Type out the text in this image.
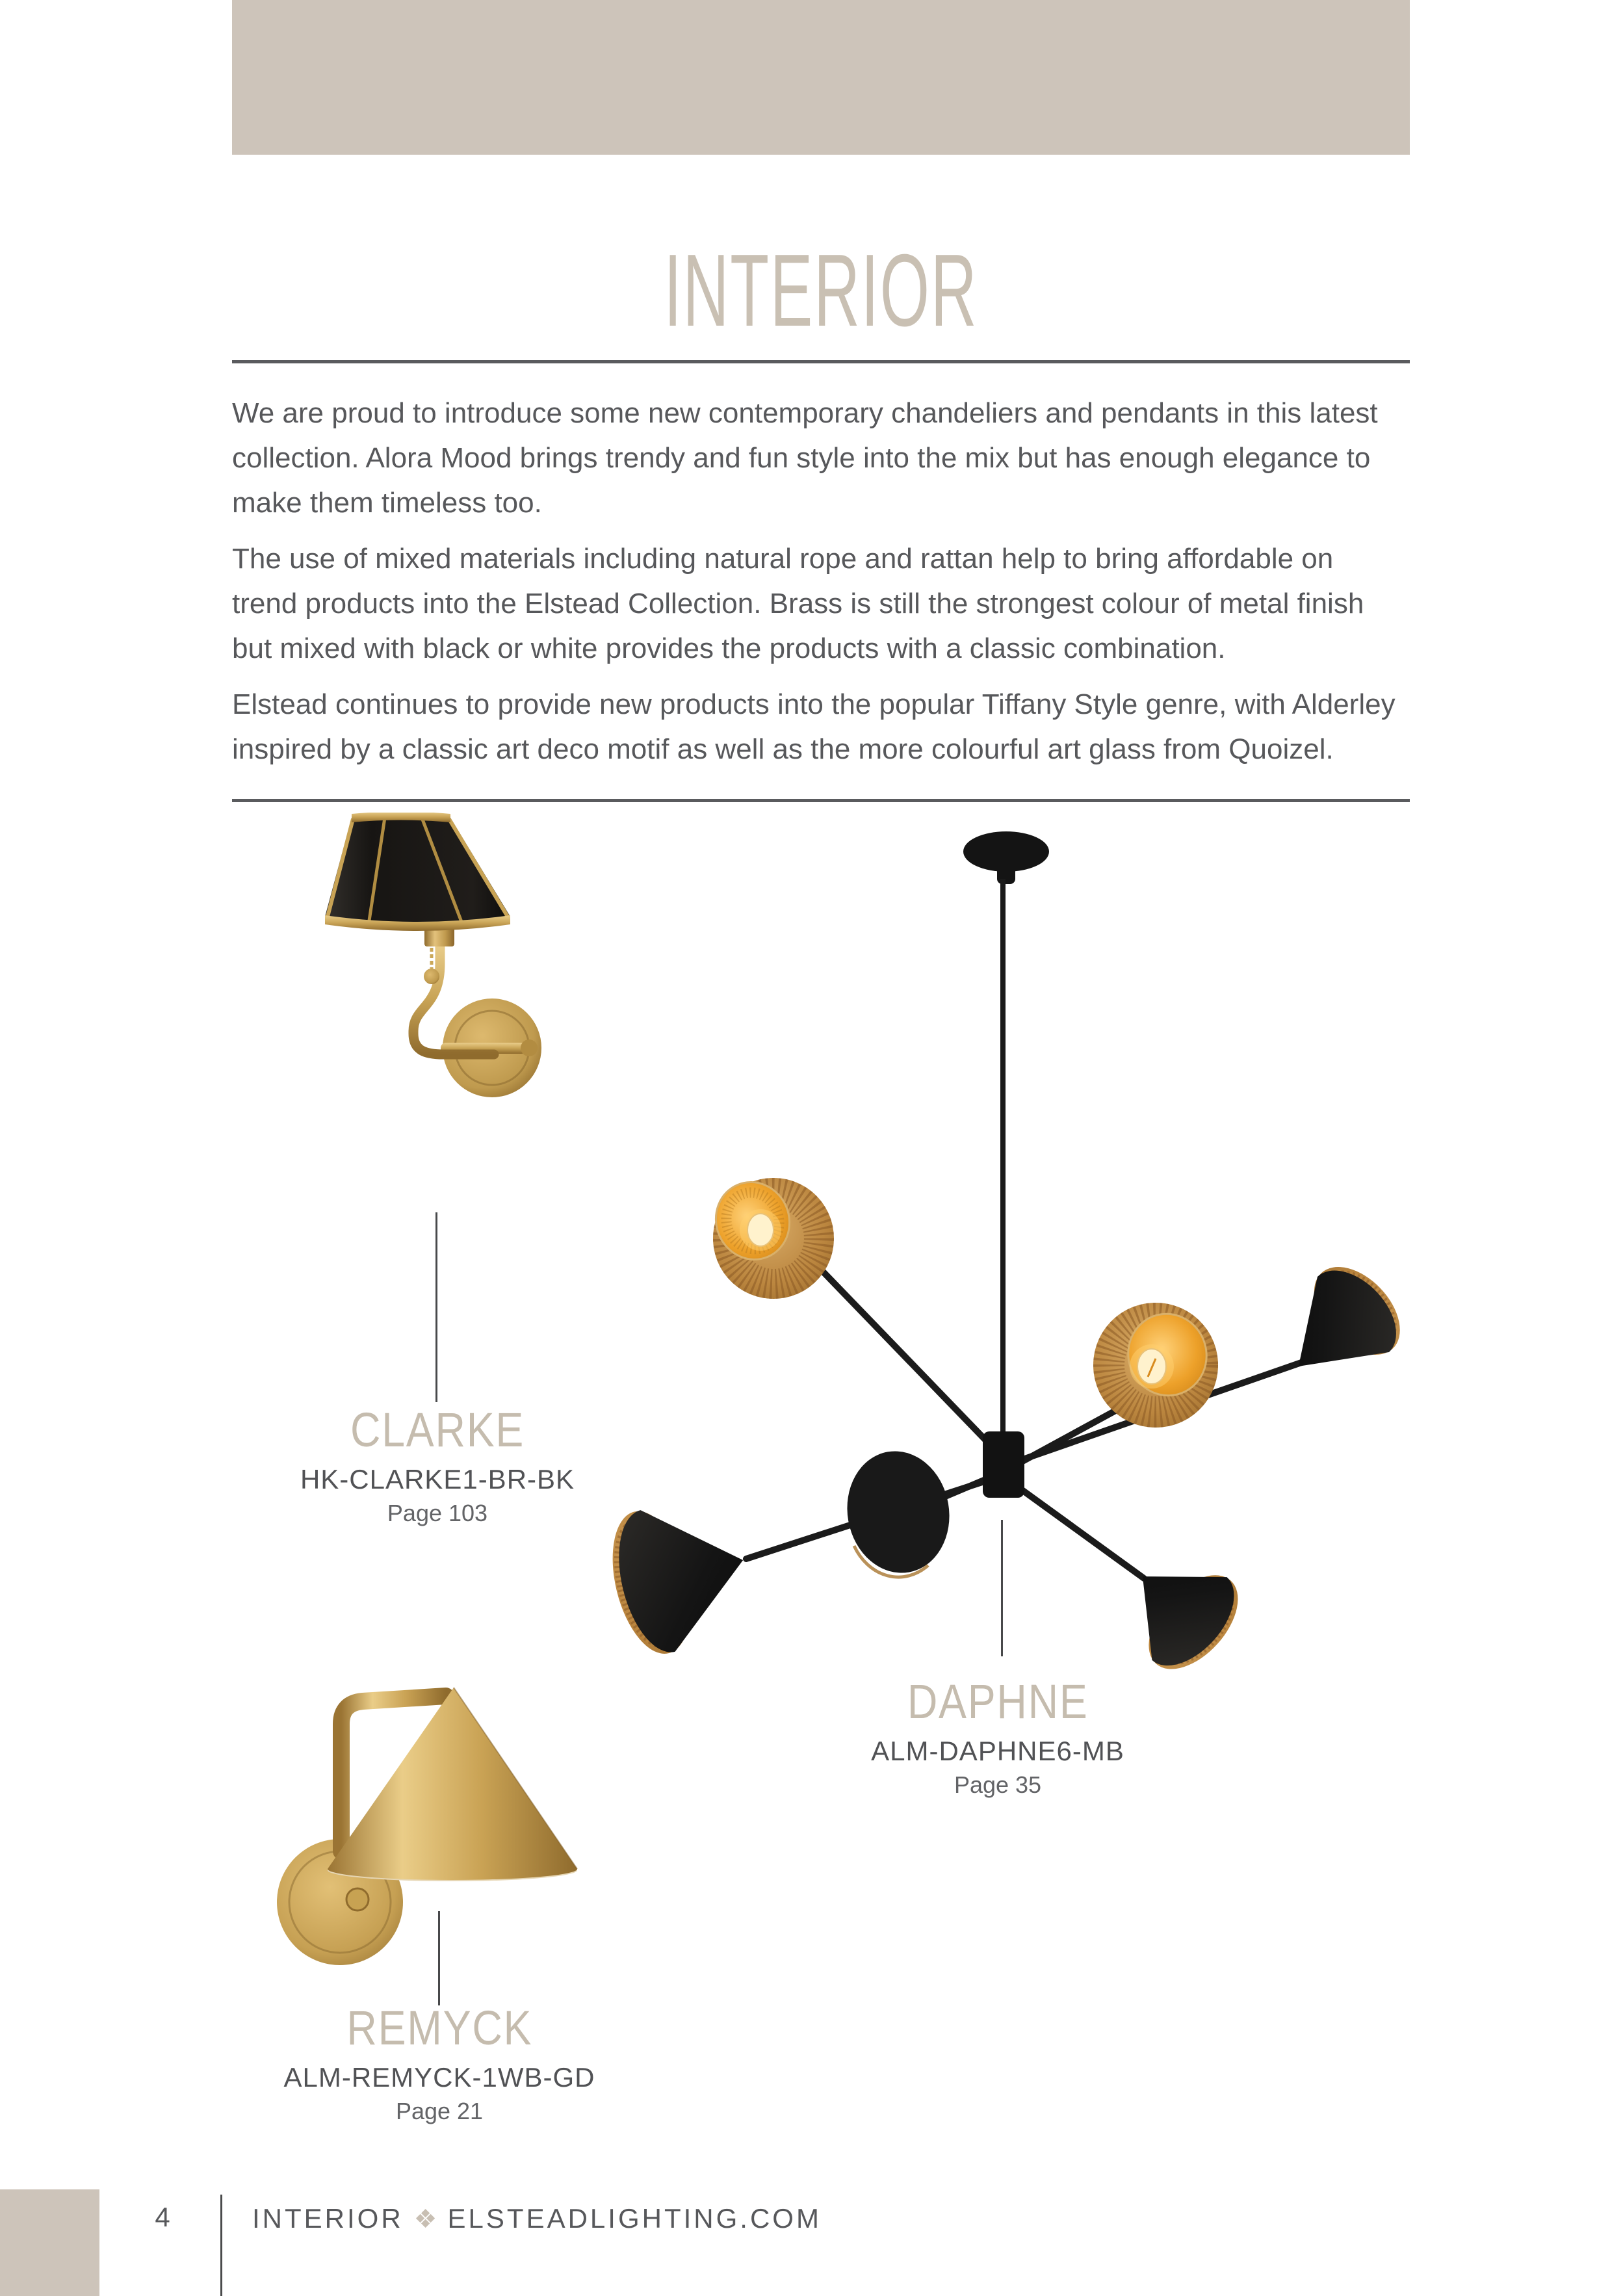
INTERIOR
We are proud to introduce some new contemporary chandeliers and pendants in this latest
collection. Alora Mood brings trendy and fun style into the mix but has enough elegance to
make them timeless too.
The use of mixed materials including natural rope and rattan help to bring affordable on
trend products into the Elstead Collection. Brass is still the strongest colour of metal finish
but mixed with black or white provides the products with a classic combination.
Elstead continues to provide new products into the popular Tiffany Style genre, with Alderley
inspired by a classic art deco motif as well as the more colourful art glass from Quoizel.
CLARKE
HK-CLARKE1-BR-BK
Page 103
DAPHNE
ALM-DAPHNE6-MB
Page 35
REMYCK
ALM-REMYCK-1WB-GD
Page 21
4	INTERIOR ❖ ELSTEADLIGHTING.COM
